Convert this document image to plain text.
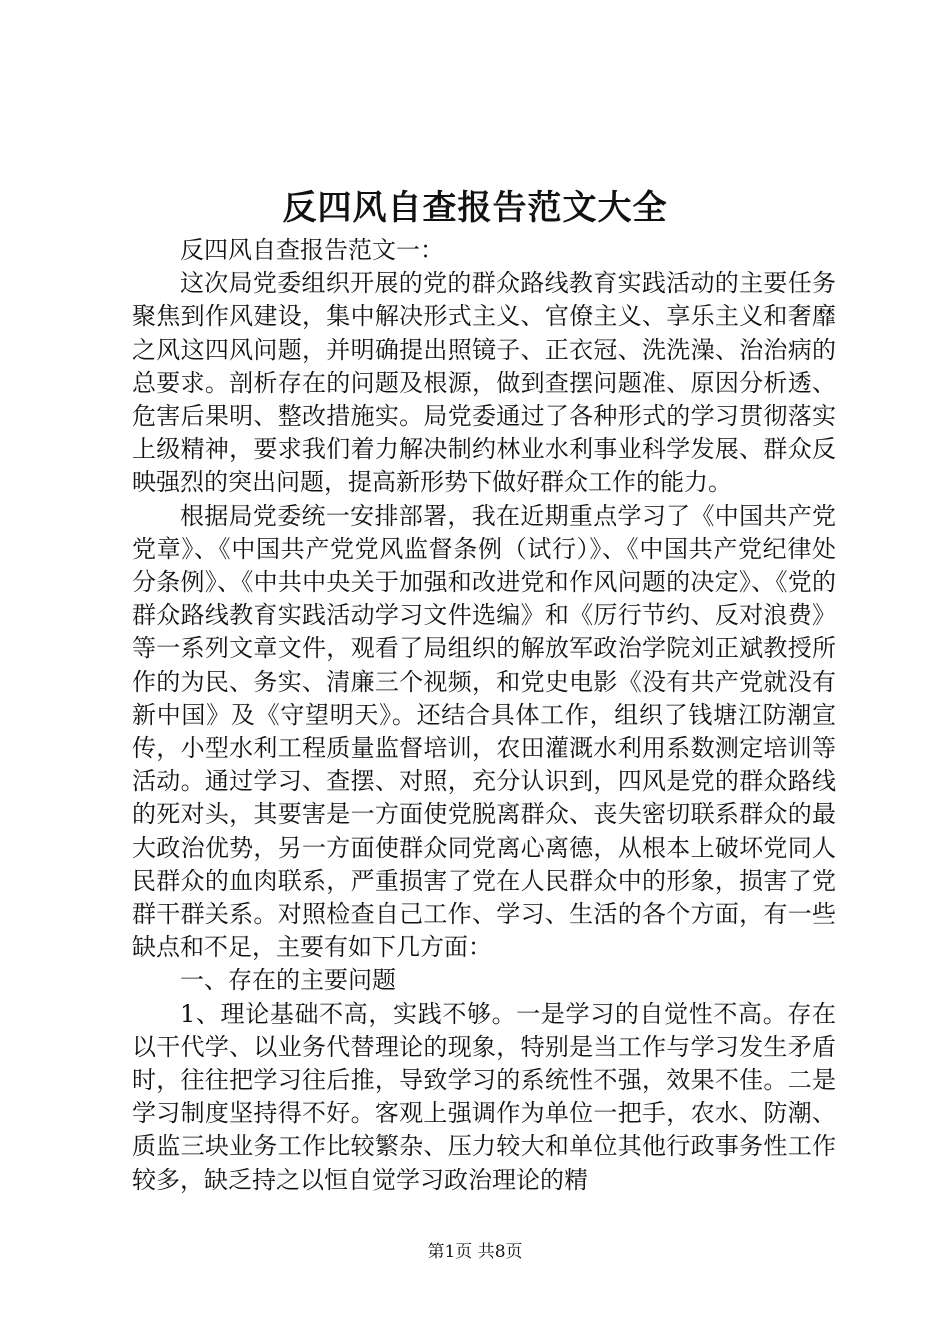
反四风自查报告范文大全

反四风自查报告范文一：

这次局党委组织开展的党的群众路线教育实践活动的主要任务聚焦到作风建设，集中解决形式主义、官僚主义、享乐主义和奢靡之风这四风问题，并明确提出照镜子、正衣冠、洗洗澡、治治病的总要求。剖析存在的问题及根源，做到查摆问题准、原因分析透、危害后果明、整改措施实。局党委通过了各种形式的学习贯彻落实上级精神，要求我们着力解决制约林业水利事业科学发展、群众反映强烈的突出问题，提高新形势下做好群众工作的能力。

根据局党委统一安排部署，我在近期重点学习了《中国共产党党章》、《中国共产党党风监督条例（试行）》、《中国共产党纪律处分条例》、《中共中央关于加强和改进党和作风问题的决定》、《党的群众路线教育实践活动学习文件选编》和《厉行节约、反对浪费》等一系列文章文件，观看了局组织的解放军政治学院刘正斌教授所作的为民、务实、清廉三个视频，和党史电影《没有共产党就没有新中国》及《守望明天》。还结合具体工作，组织了钱塘江防潮宣传，小型水利工程质量监督培训，农田灌溉水利用系数测定培训等活动。通过学习、查摆、对照，充分认识到，四风是党的群众路线的死对头，其要害是一方面使党脱离群众、丧失密切联系群众的最大政治优势，另一方面使群众同党离心离德，从根本上破坏党同人民群众的血肉联系，严重损害了党在人民群众中的形象，损害了党群干群关系。对照检查自己工作、学习、生活的各个方面，有一些缺点和不足，主要有如下几方面：

一、存在的主要问题

1、理论基础不高，实践不够。一是学习的自觉性不高。存在以干代学、以业务代替理论的现象，特别是当工作与学习发生矛盾时，往往把学习往后推，导致学习的系统性不强，效果不佳。二是学习制度坚持得不好。客观上强调作为单位一把手，农水、防潮、质监三块业务工作比较繁杂、压力较大和单位其他行政事务性工作较多，缺乏持之以恒自觉学习政治理论的精

第1页 共8页
